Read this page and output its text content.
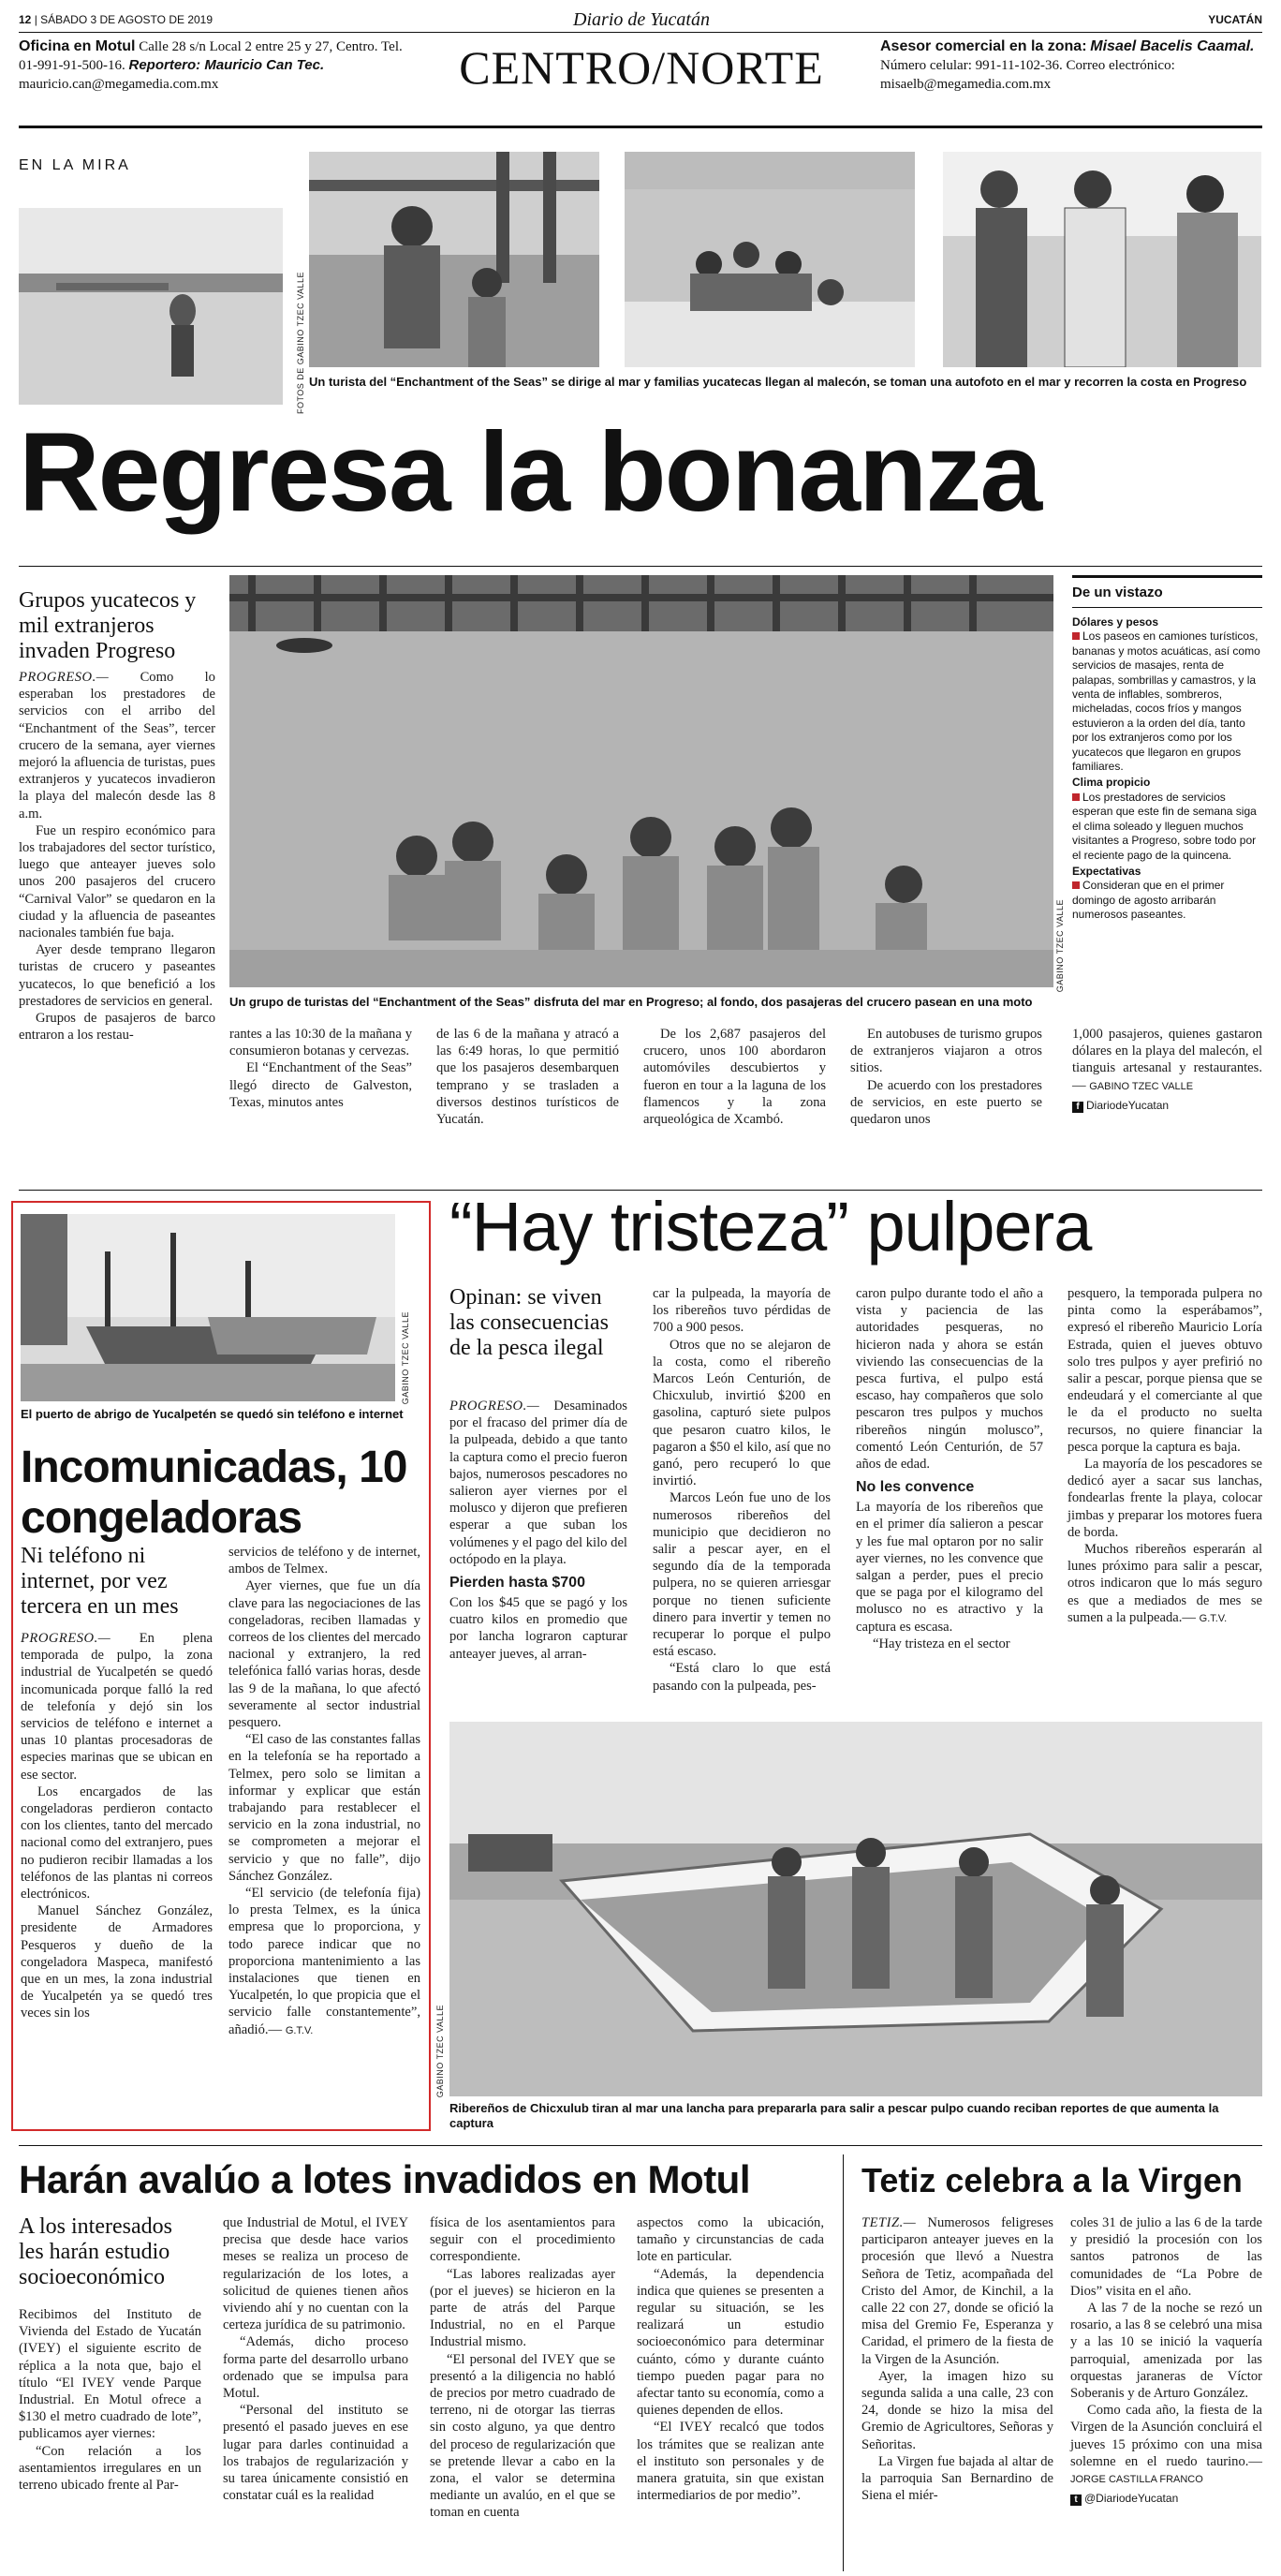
12 | SÁBADO 3 DE AGOSTO DE 2019	Diario de Yucatán	YUCATÁN
Oficina en Motul Calle 28 s/n Local 2 entre 25 y 27, Centro. Tel. 01-991-91-500-16. Reportero: Mauricio Can Tec. mauricio.can@megamedia.com.mx	CENTRO/NORTE	Asesor comercial en la zona: Misael Bacelis Caamal. Número celular: 991-11-102-36. Correo electrónico: misaelb@megamedia.com.mx
EN LA MIRA
FOTOS DE GABINO TZEC VALLE Un turista del “Enchantment of the Seas” se dirige al mar y familias yucatecas llegan al malecón, se toman una autofoto en el mar y recorren la costa en Progreso
Regresa la bonanza
Grupos yucatecos y mil extranjeros invaden Progreso

PROGRESO.— Como lo esperaban los prestadores de servicios con el arribo del “Enchantment of the Seas”, tercer crucero de la semana, ayer viernes mejoró la afluencia de turistas, pues extranjeros y yucatecos invadieron la playa del malecón desde las 8 a.m.

Fue un respiro económico para los trabajadores del sector turístico, luego que anteayer jueves solo unos 200 pasajeros del crucero “Carnival Valor” se quedaron en la ciudad y la afluencia de paseantes nacionales también fue baja.

Ayer desde temprano llegaron turistas de crucero y paseantes yucatecos, lo que benefició a los prestadores de servicios en general.

Grupos de pasajeros de barco entraron a los restau-

GABINO TZEC VALLE
Un grupo de turistas del “Enchantment of the Seas” disfruta del mar en Progreso; al fondo, dos pasajeras del crucero pasean en una moto

rantes a las 10:30 de la mañana y consumieron botanas y cervezas.

El “Enchantment of the Seas” llegó directo de Galveston, Texas, minutos antes

de las 6 de la mañana y atracó a las 6:49 horas, lo que permitió que los pasajeros desembarquen temprano y se trasladen a diversos destinos turísticos de Yucatán.

De los 2,687 pasajeros del crucero, unos 100 abordaron automóviles descubiertos y fueron en tour a la laguna de los flamencos y la zona arqueológica de Xcambó.

En autobuses de turismo grupos de extranjeros viajaron a otros sitios.

De acuerdo con los prestadores de servicios, en este puerto se quedaron unos

De un vistazo
Dólares y pesos
Los paseos en camiones turísticos, bananas y motos acuáticas, así como servicios de masajes, renta de palapas, sombrillas y camastros, y la venta de inflables, sombreros, micheladas, cocos fríos y mangos estuvieron a la orden del día, tanto por los extranjeros como por los yucatecos que llegaron en grupos familiares.
Clima propicio
Los prestadores de servicios esperan que este fin de semana siga el clima soleado y lleguen muchos visitantes a Progreso, sobre todo por el reciente pago de la quincena.
Expectativas
Consideran que en el primer domingo de agosto arribarán numerosos paseantes.

1,000 pasajeros, quienes gastaron dólares en la playa del malecón, el tianguis artesanal y restaurantes.— GABINO TZEC VALLE

f DiariodeYucatan
GABINO TZEC VALLE
El puerto de abrigo de Yucalpetén se quedó sin teléfono e internet
Incomunicadas, 10 congeladoras
Ni teléfono ni internet, por vez tercera en un mes

PROGRESO.— En plena temporada de pulpo, la zona industrial de Yucalpetén se quedó incomunicada porque falló la red de telefonía y dejó sin los servicios de teléfono e internet a unas 10 plantas procesadoras de especies marinas que se ubican en ese sector.

Los encargados de las congeladoras perdieron contacto con los clientes, tanto del mercado nacional como del extranjero, pues no pudieron recibir llamadas a los teléfonos de las plantas ni correos electrónicos.

Manuel Sánchez González, presidente de Armadores Pesqueros y dueño de la congeladora Maspeca, manifestó que en un mes, la zona industrial de Yucalpetén ya se quedó tres veces sin los

servicios de teléfono y de internet, ambos de Telmex.

Ayer viernes, que fue un día clave para las negociaciones de las congeladoras, reciben llamadas y correos de los clientes del mercado nacional y extranjero, la red telefónica falló varias horas, desde las 9 de la mañana, lo que afectó severamente al sector industrial pesquero.

“El caso de las constantes fallas en la telefonía se ha reportado a Telmex, pero solo se limitan a informar y explicar que están trabajando para restablecer el servicio en la zona industrial, no se comprometen a mejorar el servicio y que no falle”, dijo Sánchez González.

“El servicio (de telefonía fija) lo presta Telmex, es la única empresa que lo proporciona, y todo parece indicar que no proporciona mantenimiento a las instalaciones que tienen en Yucalpetén, lo que propicia que el servicio falle constantemente”, añadió.— G.T.V.

“Hay tristeza” pulpera
Opinan: se viven las consecuencias de la pesca ilegal

PROGRESO.— Desaminados por el fracaso del primer día de la pulpeada, debido a que tanto la captura como el precio fueron bajos, numerosos pescadores no salieron ayer viernes por el molusco y dijeron que prefieren esperar a que suban los volúmenes y el pago del kilo del octópodo en la playa.

Pierden hasta $700

Con los $45 que se pagó y los cuatro kilos en promedio que por lancha lograron capturar anteayer jueves, al arran-

car la pulpeada, la mayoría de los ribereños tuvo pérdidas de 700 a 900 pesos.

Otros que no se alejaron de la costa, como el ribereño Marcos León Centurión, de Chicxulub, invirtió $200 en gasolina, capturó siete pulpos que pesaron cuatro kilos, le pagaron a $50 el kilo, así que no ganó, pero recuperó lo que invirtió.

Marcos León fue uno de los numerosos ribereños del municipio que decidieron no salir a pescar ayer, en el segundo día de la temporada pulpera, no se quieren arriesgar porque no tienen suficiente dinero para invertir y temen no recuperar lo porque el pulpo está escaso.

“Está claro lo que está pasando con la pulpeada, pes-

caron pulpo durante todo el año a vista y paciencia de las autoridades pesqueras, no hicieron nada y ahora se están viviendo las consecuencias de la pesca furtiva, el pulpo está escaso, hay compañeros que solo pescaron tres pulpos y muchos ribereños ningún molusco”, comentó León Centurión, de 57 años de edad.

No les convence

La mayoría de los ribereños que en el primer día salieron a pescar y les fue mal optaron por no salir ayer viernes, no les convence que salgan a perder, pues el precio que se paga por el kilogramo del molusco no es atractivo y la captura es escasa.

“Hay tristeza en el sector

pesquero, la temporada pulpera no pinta como la esperábamos”, expresó el ribereño Mauricio Loría Estrada, quien el jueves obtuvo solo tres pulpos y ayer prefirió no salir a pescar, porque piensa que se endeudará y el comerciante al que le da el producto no suelta recursos, no quiere financiar la pesca porque la captura es baja.

La mayoría de los pescadores se dedicó ayer a sacar sus lanchas, fondearlas frente la playa, colocar jimbas y preparar los motores fuera de borda.

Muchos ribereños esperarán al lunes próximo para salir a pescar, otros indicaron que lo más seguro es que a mediados de mes se sumen a la pulpeada.— G.T.V.

GABINO TZEC VALLE
Ribereños de Chicxulub tiran al mar una lancha para prepararla para salir a pescar pulpo cuando reciban reportes de que aumenta la captura
Harán avalúo a lotes invadidos en Motul
A los interesados les harán estudio socioeconómico

Recibimos del Instituto de Vivienda del Estado de Yucatán (IVEY) el siguiente escrito de réplica a la nota que, bajo el título “El IVEY vende Parque Industrial. En Motul ofrece a $130 el metro cuadrado de lote”, publicamos ayer viernes:

“Con relación a los asentamientos irregulares en un terreno ubicado frente al Par-

que Industrial de Motul, el IVEY precisa que desde hace varios meses se realiza un proceso de regularización de los lotes, a solicitud de quienes tienen años viviendo ahí y no cuentan con la certeza jurídica de su patrimonio.

“Además, dicho proceso forma parte del desarrollo urbano ordenado que se impulsa para Motul.

“Personal del instituto se presentó el pasado jueves en ese lugar para darles continuidad a los trabajos de regularización y su tarea únicamente consistió en constatar cuál es la realidad

física de los asentamientos para seguir con el procedimiento correspondiente.

“Las labores realizadas ayer (por el jueves) se hicieron en la parte de atrás del Parque Industrial, no en el Parque Industrial mismo.

“El personal del IVEY que se presentó a la diligencia no habló de precios por metro cuadrado de terreno, ni de otorgar las tierras sin costo alguno, ya que dentro del proceso de regularización que se pretende llevar a cabo en la zona, el valor se determina mediante un avalúo, en el que se toman en cuenta

aspectos como la ubicación, tamaño y circunstancias de cada lote en particular.

“Además, la dependencia indica que quienes se presenten a regular su situación, se les realizará un estudio socioeconómico para determinar cuánto, cómo y durante cuánto tiempo pueden pagar para no afectar tanto su economía, como a quienes dependen de ellos.

“El IVEY recalcó que todos los trámites que se realizan ante el instituto son personales y de manera gratuita, sin que existan intermediarios de por medio”.

Tetiz celebra a la Virgen

TETIZ.— Numerosos feligreses participaron anteayer jueves en la procesión que llevó a Nuestra Señora de Tetiz, acompañada del Cristo del Amor, de Kinchil, a la calle 22 con 27, donde se ofició la misa del Gremio Fe, Esperanza y Caridad, el primero de la fiesta de la Virgen de la Asunción.

Ayer, la imagen hizo su segunda salida a una calle, 23 con 24, donde se hizo la misa del Gremio de Agricultores, Señoras y Señoritas.

La Virgen fue bajada al altar de la parroquia San Bernardino de Siena el miér-

coles 31 de julio a las 6 de la tarde y presidió la procesión con los santos patronos de las comunidades de “La Pobre de Dios” visita en el año.

A las 7 de la noche se rezó un rosario, a las 8 se celebró una misa y a las 10 se inició la vaquería parroquial, amenizada por las orquestas jaraneras de Víctor Soberanis y de Arturo González.

Como cada año, la fiesta de la Virgen de la Asunción concluirá el jueves 15 próximo con una misa solemne en el ruedo taurino.— JORGE CASTILLA FRANCO

t @DiariodeYucatan
